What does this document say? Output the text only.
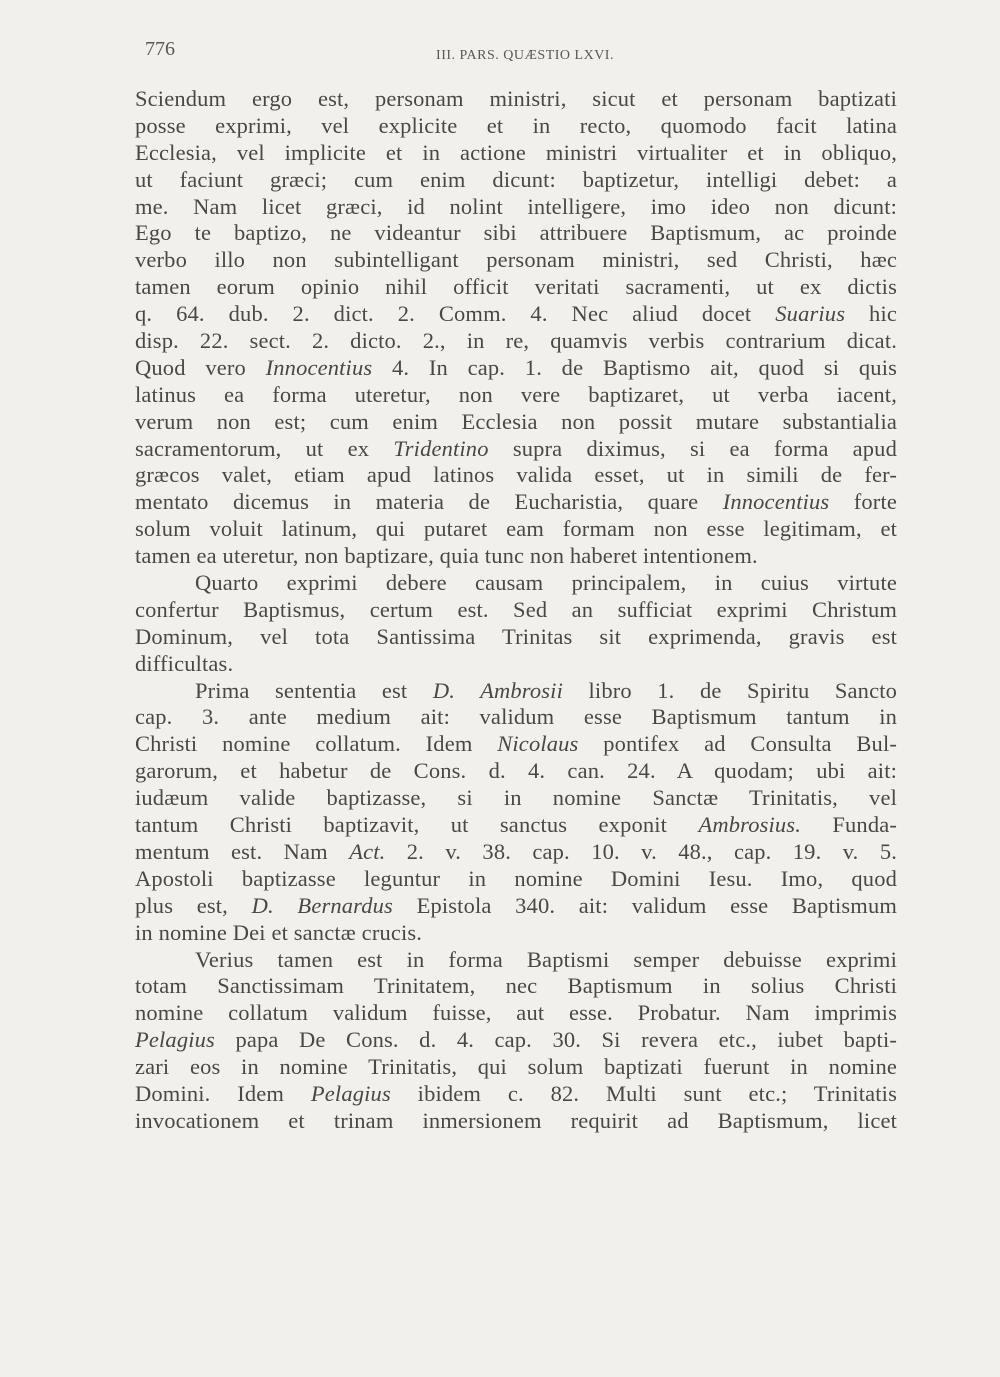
776	III. PARS. QUÆSTIO LXVI.
Sciendum ergo est, personam ministri, sicut et personam baptizati
posse exprimi, vel explicite et in recto, quomodo facit latina
Ecclesia, vel implicite et in actione ministri virtualiter et in obliquo,
ut faciunt græci; cum enim dicunt: baptizetur, intelligi debet: a
me. Nam licet græci, id nolint intelligere, imo ideo non dicunt:
Ego te baptizo, ne videantur sibi attribuere Baptismum, ac proinde
verbo illo non subintelligant personam ministri, sed Christi, hæc
tamen eorum opinio nihil officit veritati sacramenti, ut ex dictis
q. 64. dub. 2. dict. 2. Comm. 4. Nec aliud docet Suarius hic
disp. 22. sect. 2. dicto. 2., in re, quamvis verbis contrarium dicat.
Quod vero Innocentius 4. In cap. 1. de Baptismo ait, quod si quis
latinus ea forma uteretur, non vere baptizaret, ut verba iacent,
verum non est; cum enim Ecclesia non possit mutare substantialia
sacramentorum, ut ex Tridentino supra diximus, si ea forma apud
græcos valet, etiam apud latinos valida esset, ut in simili de fer-
mentato dicemus in materia de Eucharistia, quare Innocentius forte
solum voluit latinum, qui putaret eam formam non esse legitimam, et
tamen ea uteretur, non baptizare, quia tunc non haberet intentionem.
Quarto exprimi debere causam principalem, in cuius virtute
confertur Baptismus, certum est. Sed an sufficiat exprimi Christum
Dominum, vel tota Santissima Trinitas sit exprimenda, gravis est
difficultas.
Prima sententia est D. Ambrosii libro 1. de Spiritu Sancto
cap. 3. ante medium ait: validum esse Baptismum tantum in
Christi nomine collatum. Idem Nicolaus pontifex ad Consulta Bul-
garorum, et habetur de Cons. d. 4. can. 24. A quodam; ubi ait:
iudæum valide baptizasse, si in nomine Sanctæ Trinitatis, vel
tantum Christi baptizavit, ut sanctus exponit Ambrosius. Funda-
mentum est. Nam Act. 2. v. 38. cap. 10. v. 48., cap. 19. v. 5.
Apostoli baptizasse leguntur in nomine Domini Iesu. Imo, quod
plus est, D. Bernardus Epistola 340. ait: validum esse Baptismum
in nomine Dei et sanctæ crucis.
Verius tamen est in forma Baptismi semper debuisse exprimi
totam Sanctissimam Trinitatem, nec Baptismum in solius Christi
nomine collatum validum fuisse, aut esse. Probatur. Nam imprimis
Pelagius papa De Cons. d. 4. cap. 30. Si revera etc., iubet bapti-
zari eos in nomine Trinitatis, qui solum baptizati fuerunt in nomine
Domini. Idem Pelagius ibidem c. 82. Multi sunt etc.; Trinitatis
invocationem et trinam inmersionem requirit ad Baptismum, licet
